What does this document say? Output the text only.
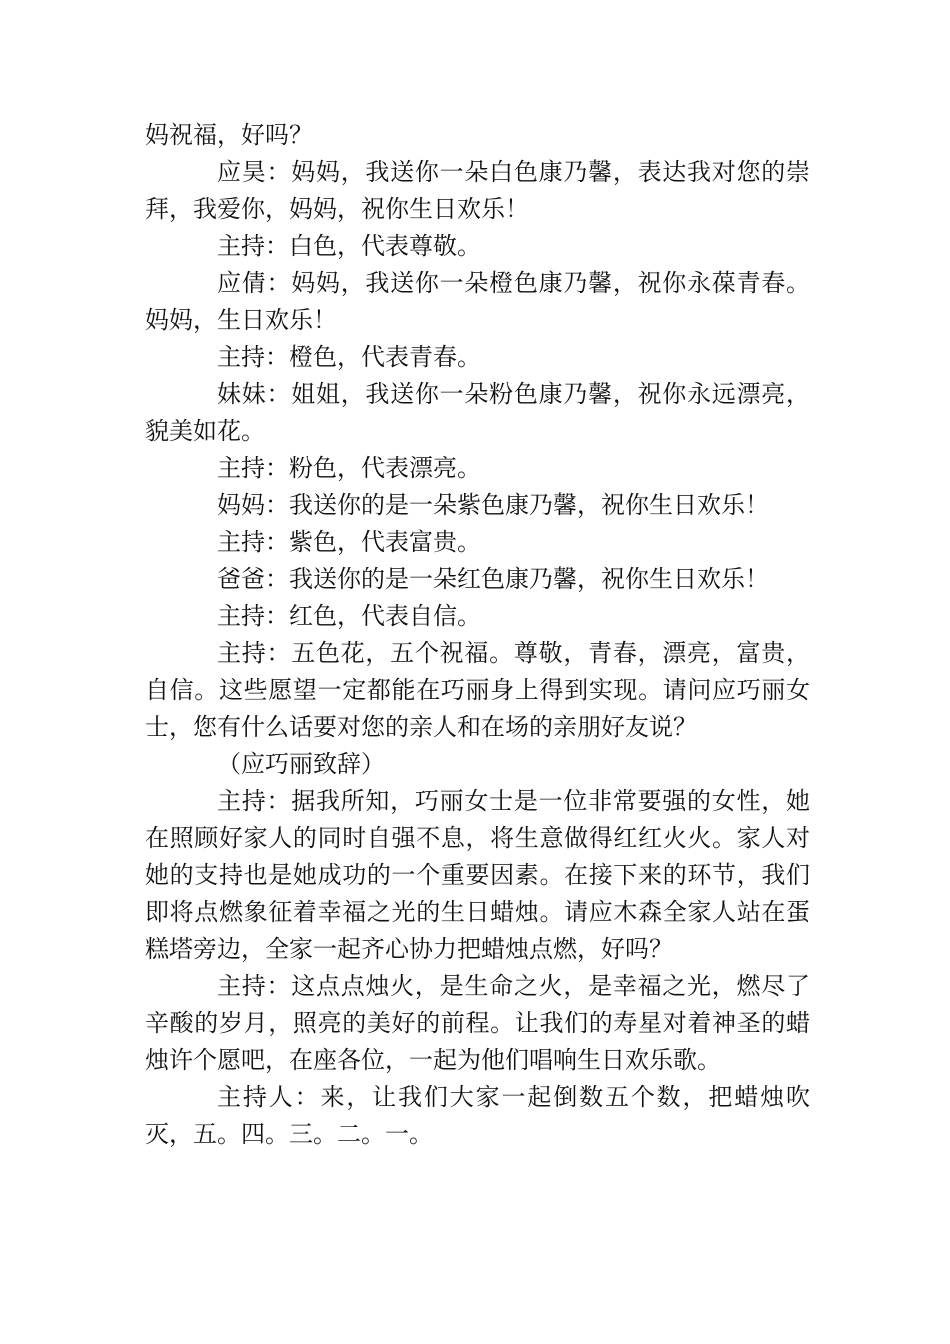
妈祝福，好吗？

应昊：妈妈，我送你一朵白色康乃馨，表达我对您的崇拜，我爱你，妈妈，祝你生日欢乐！

主持：白色，代表尊敬。

应倩：妈妈，我送你一朵橙色康乃馨，祝你永葆青春。妈妈，生日欢乐！

主持：橙色，代表青春。

妹妹：姐姐，我送你一朵粉色康乃馨，祝你永远漂亮，貌美如花。

主持：粉色，代表漂亮。

妈妈：我送你的是一朵紫色康乃馨，祝你生日欢乐！

主持：紫色，代表富贵。

爸爸：我送你的是一朵红色康乃馨，祝你生日欢乐！

主持：红色，代表自信。

主持：五色花，五个祝福。尊敬，青春，漂亮，富贵，自信。这些愿望一定都能在巧丽身上得到实现。请问应巧丽女士，您有什么话要对您的亲人和在场的亲朋好友说？

（应巧丽致辞）

主持：据我所知，巧丽女士是一位非常要强的女性，她在照顾好家人的同时自强不息，将生意做得红红火火。家人对她的支持也是她成功的一个重要因素。在接下来的环节，我们即将点燃象征着幸福之光的生日蜡烛。请应木森全家人站在蛋糕塔旁边，全家一起齐心协力把蜡烛点燃，好吗？

主持：这点点烛火，是生命之火，是幸福之光，燃尽了辛酸的岁月，照亮的美好的前程。让我们的寿星对着神圣的蜡烛许个愿吧，在座各位，一起为他们唱响生日欢乐歌。

主持人：来，让我们大家一起倒数五个数，把蜡烛吹灭，五。四。三。二。一。
